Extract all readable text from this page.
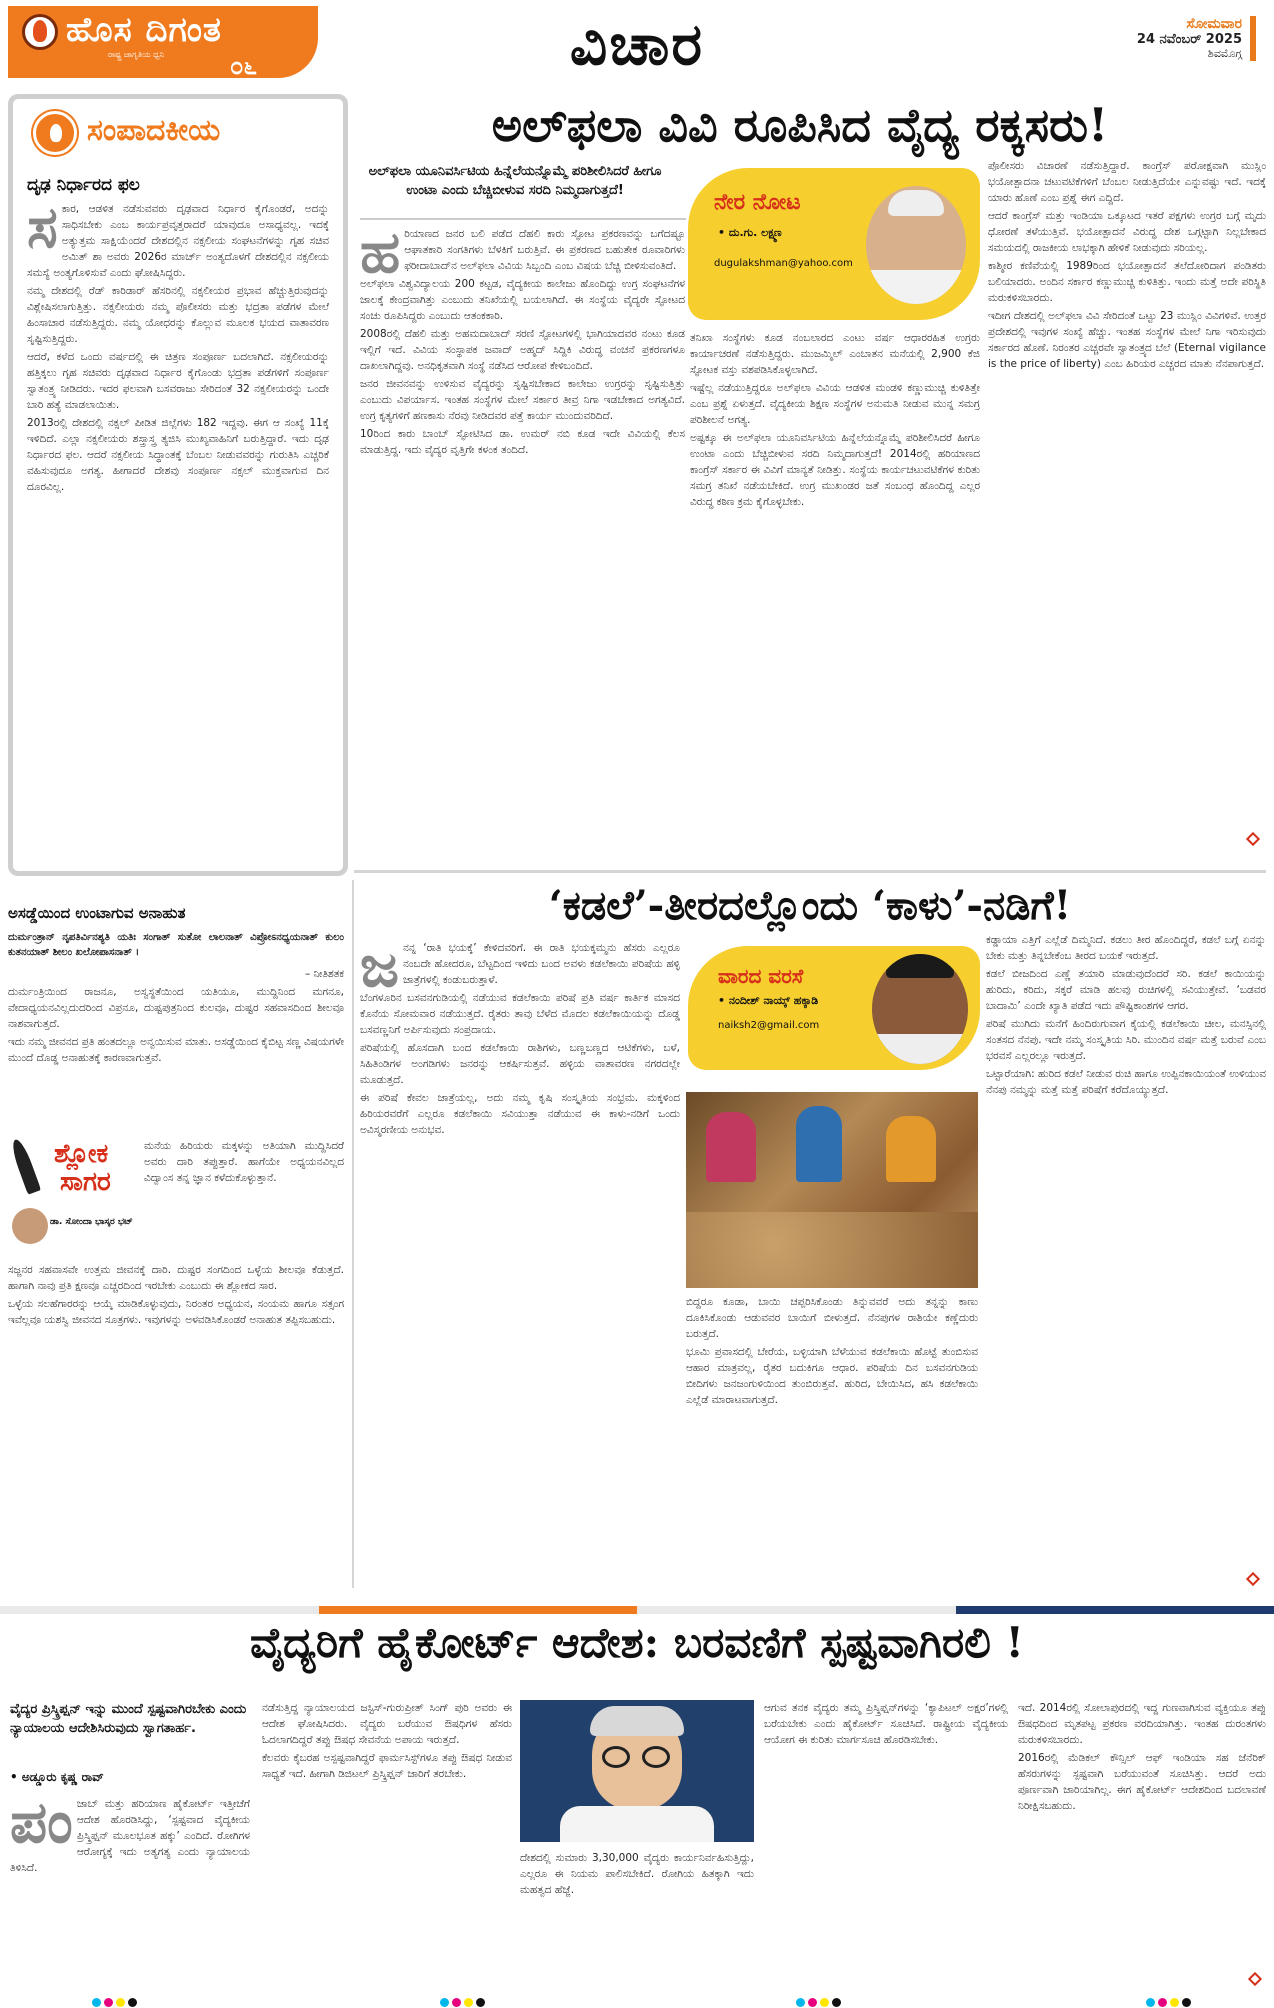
ಹೊಸ ದಿಗಂತ
ರಾಷ್ಟ್ರ ಜಾಗೃತಿಯ ಧ್ವನಿ	೦೬	ವಿಚಾರ	ಸೋಮವಾರ
24 ನವೆಂಬರ್ 2025
ಶಿವಮೊಗ್ಗ
ಸಂಪಾದಕೀಯ
ದೃಢ ನಿರ್ಧಾರದ ಫಲ

ಸಕಾರ, ಆಡಳಿತ ನಡೆಸುವವರು ದೃಢವಾದ ನಿರ್ಧಾರ ಕೈಗೊಂಡರೆ, ಅದನ್ನು ಸಾಧಿಸಬೇಕು ಎಂಬ ಕಾರ್ಯಪ್ರವೃತ್ತರಾದರೆ ಯಾವುದೂ ಅಸಾಧ್ಯವಲ್ಲ. ಇದಕ್ಕೆ ಅತ್ಯುತ್ತಮ ಸಾಕ್ಷಿಯೆಂದರೆ ದೇಶದಲ್ಲಿನ ನಕ್ಸಲೀಯ ಸಂಘಟನೆಗಳನ್ನು ಗೃಹ ಸಚಿವ ಅಮಿತ್ ಶಾ ಅವರು 2026ರ ಮಾರ್ಚ್ ಅಂತ್ಯದೊಳಗೆ ದೇಶದಲ್ಲಿನ ನಕ್ಸಲೀಯ ಸಮಸ್ಯೆ ಅಂತ್ಯಗೊಳಿಸುವೆ ಎಂದು ಘೋಷಿಸಿದ್ದರು.

ನಮ್ಮ ದೇಶದಲ್ಲಿ ರೆಡ್ ಕಾರಿಡಾರ್ ಹೆಸರಿನಲ್ಲಿ ನಕ್ಸಲೀಯರ ಪ್ರಭಾವ ಹೆಚ್ಚುತ್ತಿರುವುದನ್ನು ವಿಶ್ಲೇಷಿಸಲಾಗುತ್ತಿತ್ತು. ನಕ್ಸಲೀಯರು ನಮ್ಮ ಪೊಲೀಸರು ಮತ್ತು ಭದ್ರತಾ ಪಡೆಗಳ ಮೇಲೆ ಹಿಂಸಾಚಾರ ನಡೆಸುತ್ತಿದ್ದರು. ನಮ್ಮ ಯೋಧರನ್ನು ಕೊಲ್ಲುವ ಮೂಲಕ ಭಯದ ವಾತಾವರಣ ಸೃಷ್ಟಿಸುತ್ತಿದ್ದರು.

ಆದರೆ, ಕಳೆದ ಒಂದು ವರ್ಷದಲ್ಲಿ ಈ ಚಿತ್ರಣ ಸಂಪೂರ್ಣ ಬದಲಾಗಿದೆ. ನಕ್ಸಲೀಯರನ್ನು ಹತ್ತಿಕ್ಕಲು ಗೃಹ ಸಚಿವರು ದೃಢವಾದ ನಿರ್ಧಾರ ಕೈಗೊಂಡು ಭದ್ರತಾ ಪಡೆಗಳಿಗೆ ಸಂಪೂರ್ಣ ಸ್ವಾತಂತ್ರ್ಯ ನೀಡಿದರು. ಇದರ ಫಲವಾಗಿ ಬಸವರಾಜು ಸೇರಿದಂತೆ 32 ನಕ್ಸಲೀಯರನ್ನು ಒಂದೇ ಬಾರಿ ಹತ್ಯೆ ಮಾಡಲಾಯಿತು.

2013ರಲ್ಲಿ ದೇಶದಲ್ಲಿ ನಕ್ಸಲ್ ಪೀಡಿತ ಜಿಲ್ಲೆಗಳು 182 ಇದ್ದವು. ಈಗ ಆ ಸಂಖ್ಯೆ 11ಕ್ಕೆ ಇಳಿದಿದೆ. ಎಲ್ಲಾ ನಕ್ಸಲೀಯರು ಶಸ್ತ್ರಾಸ್ತ್ರ ತ್ಯಜಿಸಿ ಮುಖ್ಯವಾಹಿನಿಗೆ ಬರುತ್ತಿದ್ದಾರೆ. ಇದು ದೃಢ ನಿರ್ಧಾರದ ಫಲ. ಆದರೆ ನಕ್ಸಲೀಯ ಸಿದ್ಧಾಂತಕ್ಕೆ ಬೆಂಬಲ ನೀಡುವವರನ್ನು ಗುರುತಿಸಿ ಎಚ್ಚರಿಕೆ ವಹಿಸುವುದೂ ಅಗತ್ಯ. ಹೀಗಾದರೆ ದೇಶವು ಸಂಪೂರ್ಣ ನಕ್ಸಲ್ ಮುಕ್ತವಾಗುವ ದಿನ ದೂರವಿಲ್ಲ.

ಅಲ್‌ಫಲಾ ವಿವಿ ರೂಪಿಸಿದ ವೈದ್ಯ ರಕ್ಕಸರು!
ಅಲ್‌ಫಲಾ ಯೂನಿವರ್ಸಿಟಿಯ ಹಿನ್ನೆಲೆಯನ್ನೊಮ್ಮೆ ಪರಿಶೀಲಿಸಿದರೆ ಹೀಗೂ ಉಂಟಾ ಎಂದು ಬೆಚ್ಚಿಬೀಳುವ ಸರದಿ ನಿಮ್ಮದಾಗುತ್ತದೆ!

ಹರಿಯಾಣದ ಜನರ ಬಲಿ ಪಡೆದ ದೆಹಲಿ ಕಾರು ಸ್ಫೋಟ ಪ್ರಕರಣವನ್ನು ಬಗೆದಷ್ಟೂ ಆಘಾತಕಾರಿ ಸಂಗತಿಗಳು ಬೆಳಕಿಗೆ ಬರುತ್ತಿವೆ. ಈ ಪ್ರಕರಣದ ಬಹುತೇಕ ರೂವಾರಿಗಳು ಫರೀದಾಬಾದ್‌ನ ಅಲ್‌ಫಲಾ ವಿವಿಯ ಸಿಬ್ಬಂದಿ ಎಂಬ ವಿಷಯ ಬೆಚ್ಚಿ ಬೀಳಿಸುವಂತಿದೆ.

ಅಲ್‌ಫಲಾ ವಿಶ್ವವಿದ್ಯಾಲಯ 200 ಕಟ್ಟಡ, ವೈದ್ಯಕೀಯ ಕಾಲೇಜು ಹೊಂದಿದ್ದು ಉಗ್ರ ಸಂಘಟನೆಗಳ ಜಾಲಕ್ಕೆ ಕೇಂದ್ರವಾಗಿತ್ತು ಎಂಬುದು ತನಿಖೆಯಲ್ಲಿ ಬಯಲಾಗಿದೆ. ಈ ಸಂಸ್ಥೆಯ ವೈದ್ಯರೇ ಸ್ಫೋಟದ ಸಂಚು ರೂಪಿಸಿದ್ದರು ಎಂಬುದು ಆತಂಕಕಾರಿ.

2008ರಲ್ಲಿ ದೆಹಲಿ ಮತ್ತು ಅಹಮದಾಬಾದ್ ಸರಣಿ ಸ್ಫೋಟಗಳಲ್ಲಿ ಭಾಗಿಯಾದವರ ನಂಟು ಕೂಡ ಇಲ್ಲಿಗೆ ಇದೆ. ವಿವಿಯ ಸಂಸ್ಥಾಪಕ ಜವಾದ್ ಅಹ್ಮದ್ ಸಿದ್ದಿಕಿ ವಿರುದ್ಧ ವಂಚನೆ ಪ್ರಕರಣಗಳೂ ದಾಖಲಾಗಿದ್ದವು. ಅನಧಿಕೃತವಾಗಿ ಸಂಸ್ಥೆ ನಡೆಸಿದ ಆರೋಪ ಕೇಳಿಬಂದಿದೆ.

ಜನರ ಜೀವನವನ್ನು ಉಳಿಸುವ ವೈದ್ಯರನ್ನು ಸೃಷ್ಟಿಸಬೇಕಾದ ಕಾಲೇಜು ಉಗ್ರರನ್ನು ಸೃಷ್ಟಿಸುತ್ತಿತ್ತು ಎಂಬುದು ವಿಪರ್ಯಾಸ. ಇಂತಹ ಸಂಸ್ಥೆಗಳ ಮೇಲೆ ಸರ್ಕಾರ ತೀವ್ರ ನಿಗಾ ಇಡಬೇಕಾದ ಅಗತ್ಯವಿದೆ. ಉಗ್ರ ಕೃತ್ಯಗಳಿಗೆ ಹಣಕಾಸು ನೆರವು ನೀಡಿದವರ ಪತ್ತೆ ಕಾರ್ಯ ಮುಂದುವರಿದಿದೆ.

10ರಿಂದ ಕಾರು ಬಾಂಬ್ ಸ್ಫೋಟಿಸಿದ ಡಾ. ಉಮರ್ ನಬಿ ಕೂಡ ಇದೇ ವಿವಿಯಲ್ಲಿ ಕೆಲಸ ಮಾಡುತ್ತಿದ್ದ. ಇದು ವೈದ್ಯರ ವೃತ್ತಿಗೇ ಕಳಂಕ ತಂದಿದೆ.

ನೇರ ನೋಟ
• ದು.ಗು. ಲಕ್ಷ್ಮಣ
dugulakshman@yahoo.com

ತನಿಖಾ ಸಂಸ್ಥೆಗಳು ಕೂಡ ನಂಬಲಾರದ ಎಂಟು ವರ್ಷ ಆಧಾರರಹಿತ ಉಗ್ರರು ಕಾರ್ಯಾಚರಣೆ ನಡೆಸುತ್ತಿದ್ದರು. ಮುಜಮ್ಮಿಲ್ ಎಂಬಾತನ ಮನೆಯಲ್ಲಿ 2,900 ಕೆಜಿ ಸ್ಫೋಟಕ ವಸ್ತು ವಶಪಡಿಸಿಕೊಳ್ಳಲಾಗಿದೆ.

ಇಷ್ಟೆಲ್ಲ ನಡೆಯುತ್ತಿದ್ದರೂ ಅಲ್‌ಫಲಾ ವಿವಿಯ ಆಡಳಿತ ಮಂಡಳಿ ಕಣ್ಣುಮುಚ್ಚಿ ಕುಳಿತಿತ್ತೇ ಎಂಬ ಪ್ರಶ್ನೆ ಏಳುತ್ತದೆ. ವೈದ್ಯಕೀಯ ಶಿಕ್ಷಣ ಸಂಸ್ಥೆಗಳ ಅನುಮತಿ ನೀಡುವ ಮುನ್ನ ಸಮಗ್ರ ಪರಿಶೀಲನೆ ಅಗತ್ಯ.

ಅಷ್ಟಕ್ಕೂ ಈ ಅಲ್‌ಫಲಾ ಯೂನಿವರ್ಸಿಟಿಯ ಹಿನ್ನೆಲೆಯನ್ನೊಮ್ಮೆ ಪರಿಶೀಲಿಸಿದರೆ ಹೀಗೂ ಉಂಟಾ ಎಂದು ಬೆಚ್ಚಿಬೀಳುವ ಸರದಿ ನಿಮ್ಮದಾಗುತ್ತದೆ! 2014ರಲ್ಲಿ ಹರಿಯಾಣದ ಕಾಂಗ್ರೆಸ್ ಸರ್ಕಾರ ಈ ವಿವಿಗೆ ಮಾನ್ಯತೆ ನೀಡಿತ್ತು. ಸಂಸ್ಥೆಯ ಕಾರ್ಯಚಟುವಟಿಕೆಗಳ ಕುರಿತು ಸಮಗ್ರ ತನಿಖೆ ನಡೆಯಬೇಕಿದೆ. ಉಗ್ರ ಮುಖಂಡರ ಜತೆ ಸಂಬಂಧ ಹೊಂದಿದ್ದ ಎಲ್ಲರ ವಿರುದ್ಧ ಕಠಿಣ ಕ್ರಮ ಕೈಗೊಳ್ಳಬೇಕು.

ಪೊಲೀಸರು ವಿಚಾರಣೆ ನಡೆಸುತ್ತಿದ್ದಾರೆ. ಕಾಂಗ್ರೆಸ್ ಪರೋಕ್ಷವಾಗಿ ಮುಸ್ಲಿಂ ಭಯೋತ್ಪಾದನಾ ಚಟುವಟಿಕೆಗಳಿಗೆ ಬೆಂಬಲ ನೀಡುತ್ತಿದೆಯೇ ಎನ್ನುವಷ್ಟು ಇದೆ. ಇದಕ್ಕೆ ಯಾರು ಹೊಣೆ ಎಂಬ ಪ್ರಶ್ನೆ ಈಗ ಎದ್ದಿದೆ.

ಆದರೆ ಕಾಂಗ್ರೆಸ್ ಮತ್ತು ಇಂಡಿಯಾ ಒಕ್ಕೂಟದ ಇತರೆ ಪಕ್ಷಗಳು ಉಗ್ರರ ಬಗ್ಗೆ ಮೃದು ಧೋರಣೆ ತಳೆಯುತ್ತಿವೆ. ಭಯೋತ್ಪಾದನೆ ವಿರುದ್ಧ ದೇಶ ಒಗ್ಗಟ್ಟಾಗಿ ನಿಲ್ಲಬೇಕಾದ ಸಮಯದಲ್ಲಿ ರಾಜಕೀಯ ಲಾಭಕ್ಕಾಗಿ ಹೇಳಿಕೆ ನೀಡುವುದು ಸರಿಯಲ್ಲ.

ಕಾಶ್ಮೀರ ಕಣಿವೆಯಲ್ಲಿ 1989ರಿಂದ ಭಯೋತ್ಪಾದನೆ ತಲೆದೋರಿದಾಗ ಪಂಡಿತರು ಬಲಿಯಾದರು. ಅಂದಿನ ಸರ್ಕಾರ ಕಣ್ಣುಮುಚ್ಚಿ ಕುಳಿತಿತ್ತು. ಇಂದು ಮತ್ತೆ ಅದೇ ಪರಿಸ್ಥಿತಿ ಮರುಕಳಿಸಬಾರದು.

ಇದೀಗ ದೇಶದಲ್ಲಿ ಅಲ್‌ಫಲಾ ವಿವಿ ಸೇರಿದಂತೆ ಒಟ್ಟು 23 ಮುಸ್ಲಿಂ ವಿವಿಗಳಿವೆ. ಉತ್ತರ ಪ್ರದೇಶದಲ್ಲಿ ಇವುಗಳ ಸಂಖ್ಯೆ ಹೆಚ್ಚು. ಇಂತಹ ಸಂಸ್ಥೆಗಳ ಮೇಲೆ ನಿಗಾ ಇರಿಸುವುದು ಸರ್ಕಾರದ ಹೊಣೆ. ನಿರಂತರ ಎಚ್ಚರವೇ ಸ್ವಾತಂತ್ರ್ಯದ ಬೆಲೆ (Eternal vigilance is the price of liberty) ಎಂಬ ಹಿರಿಯರ ಎಚ್ಚರದ ಮಾತು ನೆನಪಾಗುತ್ತದೆ.

ಅಸಡ್ಡೆಯಿಂದ ಉಂಟಾಗುವ ಅನಾಹುತ
ದುರ್ಮಂತ್ರಾನ್ ನೃಪತಿರ್ವಿನಶ್ಯತಿ ಯತಿಃ ಸಂಗಾತ್ ಸುತೋ ಲಾಲನಾತ್ ವಿಪ್ರೋಽನಧ್ಯಯನಾತ್ ಕುಲಂ ಕುತನಯಾತ್ ಶೀಲಂ ಖಲೋಪಾಸನಾತ್ ।
– ನೀತಿಶತಕ

ದುರ್ಮಂತ್ರಿಯಿಂದ ರಾಜನೂ, ಅಸ್ವಸ್ಥತೆಯಿಂದ ಯತಿಯೂ, ಮುದ್ದಿನಿಂದ ಮಗನೂ, ವೇದಾಧ್ಯಯನವಿಲ್ಲದುದರಿಂದ ವಿಪ್ರನೂ, ದುಷ್ಟಪುತ್ರನಿಂದ ಕುಲವೂ, ದುಷ್ಟರ ಸಹವಾಸದಿಂದ ಶೀಲವೂ ನಾಶವಾಗುತ್ತದೆ.

ಇದು ನಮ್ಮ ಜೀವನದ ಪ್ರತಿ ಹಂತದಲ್ಲೂ ಅನ್ವಯಿಸುವ ಮಾತು. ಅಸಡ್ಡೆಯಿಂದ ಕೈಬಿಟ್ಟ ಸಣ್ಣ ವಿಷಯಗಳೇ ಮುಂದೆ ದೊಡ್ಡ ಅನಾಹುತಕ್ಕೆ ಕಾರಣವಾಗುತ್ತವೆ.

ಶ್ಲೋಕ
ಸಾಗರ
ಡಾ. ಸೋಂದಾ ಭಾಸ್ಕರ ಭಟ್

ಮನೆಯ ಹಿರಿಯರು ಮಕ್ಕಳನ್ನು ಅತಿಯಾಗಿ ಮುದ್ದಿಸಿದರೆ ಅವರು ದಾರಿ ತಪ್ಪುತ್ತಾರೆ. ಹಾಗೆಯೇ ಅಧ್ಯಯನವಿಲ್ಲದ ವಿದ್ವಾಂಸ ತನ್ನ ಜ್ಞಾನ ಕಳೆದುಕೊಳ್ಳುತ್ತಾನೆ.

ಸಜ್ಜನರ ಸಹವಾಸವೇ ಉತ್ತಮ ಜೀವನಕ್ಕೆ ದಾರಿ. ದುಷ್ಟರ ಸಂಗದಿಂದ ಒಳ್ಳೆಯ ಶೀಲವೂ ಕೆಡುತ್ತದೆ. ಹಾಗಾಗಿ ನಾವು ಪ್ರತಿ ಕ್ಷಣವೂ ಎಚ್ಚರದಿಂದ ಇರಬೇಕು ಎಂಬುದು ಈ ಶ್ಲೋಕದ ಸಾರ.

ಒಳ್ಳೆಯ ಸಲಹೆಗಾರರನ್ನು ಆಯ್ಕೆ ಮಾಡಿಕೊಳ್ಳುವುದು, ನಿರಂತರ ಅಧ್ಯಯನ, ಸಂಯಮ ಹಾಗೂ ಸತ್ಸಂಗ ಇವೆಲ್ಲವೂ ಯಶಸ್ವಿ ಜೀವನದ ಸೂತ್ರಗಳು. ಇವುಗಳನ್ನು ಅಳವಡಿಸಿಕೊಂಡರೆ ಅನಾಹುತ ತಪ್ಪಿಸಬಹುದು.

‘ಕಡಲೆ’-ತೀರದಲ್ಲೊಂದು ‘ಕಾಳು’-ನಡಿಗೆ!

ಜನನ್ನ ‘ರಾತಿ ಭಯಕ್ಕೆ’ ಕೇಳಿದವರಿಗೆ. ಈ ರಾತಿ ಭಯಕ್ಕಮ್ಮನು ಹೆಸರು ಎಲ್ಲರೂ ನಂಬದೇ ಹೋದರೂ, ಬೆಟ್ಟದಿಂದ ಇಳಿದು ಬಂದ ಅವಳು ಕಡಲೆಕಾಯಿ ಪರಿಷೆಯ ಹಳ್ಳಿ ಜಾತ್ರೆಗಳಲ್ಲಿ ಕಂಡುಬರುತ್ತಾಳೆ.

ಬೆಂಗಳೂರಿನ ಬಸವನಗುಡಿಯಲ್ಲಿ ನಡೆಯುವ ಕಡಲೆಕಾಯಿ ಪರಿಷೆ ಪ್ರತಿ ವರ್ಷ ಕಾರ್ತಿಕ ಮಾಸದ ಕೊನೆಯ ಸೋಮವಾರ ನಡೆಯುತ್ತದೆ. ರೈತರು ತಾವು ಬೆಳೆದ ಮೊದಲ ಕಡಲೆಕಾಯಿಯನ್ನು ದೊಡ್ಡ ಬಸವಣ್ಣನಿಗೆ ಅರ್ಪಿಸುವುದು ಸಂಪ್ರದಾಯ.

ಪರಿಷೆಯಲ್ಲಿ ಹೊಸದಾಗಿ ಬಂದ ಕಡಲೆಕಾಯಿ ರಾಶಿಗಳು, ಬಣ್ಣಬಣ್ಣದ ಆಟಿಕೆಗಳು, ಬಳೆ, ಸಿಹಿತಿಂಡಿಗಳ ಅಂಗಡಿಗಳು ಜನರನ್ನು ಆಕರ್ಷಿಸುತ್ತವೆ. ಹಳ್ಳಿಯ ವಾತಾವರಣ ನಗರದಲ್ಲೇ ಮೂಡುತ್ತದೆ.

ಈ ಪರಿಷೆ ಕೇವಲ ಜಾತ್ರೆಯಲ್ಲ, ಅದು ನಮ್ಮ ಕೃಷಿ ಸಂಸ್ಕೃತಿಯ ಸಂಭ್ರಮ. ಮಕ್ಕಳಿಂದ ಹಿರಿಯರವರೆಗೆ ಎಲ್ಲರೂ ಕಡಲೆಕಾಯಿ ಸವಿಯುತ್ತಾ ನಡೆಯುವ ಈ ಕಾಳು-ನಡಿಗೆ ಒಂದು ಅವಿಸ್ಮರಣೀಯ ಅನುಭವ.

ವಾರದ ವರಸೆ
• ನಂದೀಶ್ ನಾಯ್ಕ್ ಹಕ್ಕಾಡಿ
naiksh2@gmail.com

ಬಿದ್ದರೂ ಕೂಡಾ, ಬಾಯಿ ಚಪ್ಪರಿಸಿಕೊಂಡು ತಿನ್ನುವವರೆ ಅದು ತನ್ನನ್ನು ಕಾಣು ದೂಕಿಸಿಕೊಂಡು ಆಡುವವರ ಬಾಯಿಗೆ ಬೀಳುತ್ತದೆ. ನೆನಪುಗಳ ರಾಶಿಯೇ ಕಣ್ಣೆದುರು ಬರುತ್ತದೆ.

ಭೂಮಿ ಪ್ರವಾಸದಲ್ಲಿ ಬೇರೆಯ, ಬಳ್ಳಿಯಾಗಿ ಬೆಳೆಯುವ ಕಡಲೆಕಾಯಿ ಹೊಟ್ಟೆ ತುಂಬಿಸುವ ಆಹಾರ ಮಾತ್ರವಲ್ಲ, ರೈತರ ಬದುಕಿಗೂ ಆಧಾರ. ಪರಿಷೆಯ ದಿನ ಬಸವನಗುಡಿಯ ಬೀದಿಗಳು ಜನಜಂಗುಳಿಯಿಂದ ತುಂಬಿರುತ್ತವೆ. ಹುರಿದ, ಬೇಯಿಸಿದ, ಹಸಿ ಕಡಲೆಕಾಯಿ ಎಲ್ಲೆಡೆ ಮಾರಾಟವಾಗುತ್ತದೆ.

ಕಡ್ಡಾಯಾ ಎತ್ತಿಗೆ ಎಲ್ಲೆಡೆ ದಿಮ್ಮನಿದೆ. ಕಡಲು ತೀರ ಹೊಂದಿದ್ದರೆ, ಕಡಲೆ ಬಗ್ಗೆ ಏನನ್ನು ಬೇಕು ಮತ್ತು ತಿನ್ನಬೇಕೆಂಬ ತೀರದ ಬಯಕೆ ಇರುತ್ತದೆ.

ಕಡಲೆ ಬೀಜದಿಂದ ಎಣ್ಣೆ ತಯಾರಿ ಮಾಡುವುದೆಂದರೆ ಸರಿ. ಕಡಲೆ ಕಾಯಿಯನ್ನು ಹುರಿದು, ಕರಿದು, ಸಕ್ಕರೆ ಮಾಡಿ ಹಲವು ರುಚಿಗಳಲ್ಲಿ ಸವಿಯುತ್ತೇವೆ. ‘ಬಡವರ ಬಾದಾಮಿ’ ಎಂದೇ ಖ್ಯಾತಿ ಪಡೆದ ಇದು ಪೌಷ್ಟಿಕಾಂಶಗಳ ಆಗರ.

ಪರಿಷೆ ಮುಗಿದು ಮನೆಗೆ ಹಿಂದಿರುಗುವಾಗ ಕೈಯಲ್ಲಿ ಕಡಲೆಕಾಯಿ ಚೀಲ, ಮನಸ್ಸಿನಲ್ಲಿ ಸಂತಸದ ನೆನಪು. ಇದೇ ನಮ್ಮ ಸಂಸ್ಕೃತಿಯ ಸಿರಿ. ಮುಂದಿನ ವರ್ಷ ಮತ್ತೆ ಬರುವೆ ಎಂಬ ಭರವಸೆ ಎಲ್ಲರಲ್ಲೂ ಇರುತ್ತದೆ.

ಒಟ್ಟಾರೆಯಾಗಿ: ಹುರಿದ ಕಡಲೆ ನೀಡುವ ರುಚಿ ಹಾಗೂ ಉಪ್ಪಿನಕಾಯಿಯಂತೆ ಉಳಿಯುವ ನೆನಪು ನಮ್ಮನ್ನು ಮತ್ತೆ ಮತ್ತೆ ಪರಿಷೆಗೆ ಕರೆದೊಯ್ಯುತ್ತದೆ.

ವೈದ್ಯರಿಗೆ ಹೈಕೋರ್ಟ್ ಆದೇಶ: ಬರವಣಿಗೆ ಸ್ಪಷ್ಟವಾಗಿರಲಿ !
ವೈದ್ಯರ ಪ್ರಿಸ್ಕ್ರಿಪ್ಷನ್ ಇನ್ನು ಮುಂದೆ ಸ್ಪಷ್ಟವಾಗಿರಬೇಕು ಎಂದು ನ್ಯಾಯಾಲಯ ಆದೇಶಿಸಿರುವುದು ಸ್ವಾಗತಾರ್ಹ.
• ಅಡ್ಡೂರು ಕೃಷ್ಣ ರಾವ್

ಪಂಜಾಬ್ ಮತ್ತು ಹರಿಯಾಣ ಹೈಕೋರ್ಟ್ ಇತ್ತೀಚೆಗೆ ಆದೇಶ ಹೊರಡಿಸಿದ್ದು, ‘ಸ್ಪಷ್ಟವಾದ ವೈದ್ಯಕೀಯ ಪ್ರಿಸ್ಕ್ರಿಪ್ಷನ್ ಮೂಲಭೂತ ಹಕ್ಕು’ ಎಂದಿದೆ. ರೋಗಿಗಳ ಆರೋಗ್ಯಕ್ಕೆ ಇದು ಅತ್ಯಗತ್ಯ ಎಂದು ನ್ಯಾಯಾಲಯ ತಿಳಿಸಿದೆ.

ನಡೆಸುತ್ತಿದ್ದ ನ್ಯಾಯಾಲಯದ ಜಸ್ಟಿಸ್-ಗುರುಪ್ರೀತ್ ಸಿಂಗ್ ಪುರಿ ಅವರು ಈ ಆದೇಶ ಘೋಷಿಸಿದರು. ವೈದ್ಯರು ಬರೆಯುವ ಔಷಧಿಗಳ ಹೆಸರು ಓದಲಾಗದಿದ್ದರೆ ತಪ್ಪು ಔಷಧ ಸೇವನೆಯ ಅಪಾಯ ಇರುತ್ತದೆ.

ಕೆಲವರು ಕೈಬರಹ ಅಸ್ಪಷ್ಟವಾಗಿದ್ದರೆ ಫಾರ್ಮಸಿಸ್ಟ್‌ಗಳೂ ತಪ್ಪು ಔಷಧ ನೀಡುವ ಸಾಧ್ಯತೆ ಇದೆ. ಹೀಗಾಗಿ ಡಿಜಿಟಲ್ ಪ್ರಿಸ್ಕ್ರಿಪ್ಷನ್ ಜಾರಿಗೆ ತರಬೇಕು.

ದೇಶದಲ್ಲಿ ಸುಮಾರು 3,30,000 ವೈದ್ಯರು ಕಾರ್ಯನಿರ್ವಹಿಸುತ್ತಿದ್ದು, ಎಲ್ಲರೂ ಈ ನಿಯಮ ಪಾಲಿಸಬೇಕಿದೆ. ರೋಗಿಯ ಹಿತಕ್ಕಾಗಿ ಇದು ಮಹತ್ವದ ಹೆಜ್ಜೆ.

ಆಗುವ ತನಕ ವೈದ್ಯರು ತಮ್ಮ ಪ್ರಿಸ್ಕ್ರಿಪ್ಷನ್‌ಗಳನ್ನು ‘ಕ್ಯಾಪಿಟಲ್ ಅಕ್ಷರ’ಗಳಲ್ಲಿ ಬರೆಯಬೇಕು ಎಂದು ಹೈಕೋರ್ಟ್ ಸೂಚಿಸಿದೆ. ರಾಷ್ಟ್ರೀಯ ವೈದ್ಯಕೀಯ ಆಯೋಗ ಈ ಕುರಿತು ಮಾರ್ಗಸೂಚಿ ಹೊರಡಿಸಬೇಕು.

ಇದೆ. 2014ರಲ್ಲಿ ಸೋಲಾಪುರದಲ್ಲಿ ಇದ್ದ ಗುಣವಾಗಿಸುವ ವ್ಯಕ್ತಿಯೂ ತಪ್ಪು ಔಷಧದಿಂದ ಮೃತಪಟ್ಟ ಪ್ರಕರಣ ವರದಿಯಾಗಿತ್ತು. ಇಂತಹ ದುರಂತಗಳು ಮರುಕಳಿಸಬಾರದು.

2016ರಲ್ಲಿ ಮೆಡಿಕಲ್ ಕೌನ್ಸಿಲ್ ಆಫ್ ಇಂಡಿಯಾ ಸಹ ಜೆನೆರಿಕ್ ಹೆಸರುಗಳನ್ನು ಸ್ಪಷ್ಟವಾಗಿ ಬರೆಯುವಂತೆ ಸೂಚಿಸಿತ್ತು. ಆದರೆ ಅದು ಪೂರ್ಣವಾಗಿ ಜಾರಿಯಾಗಿಲ್ಲ. ಈಗ ಹೈಕೋರ್ಟ್ ಆದೇಶದಿಂದ ಬದಲಾವಣೆ ನಿರೀಕ್ಷಿಸಬಹುದು.
